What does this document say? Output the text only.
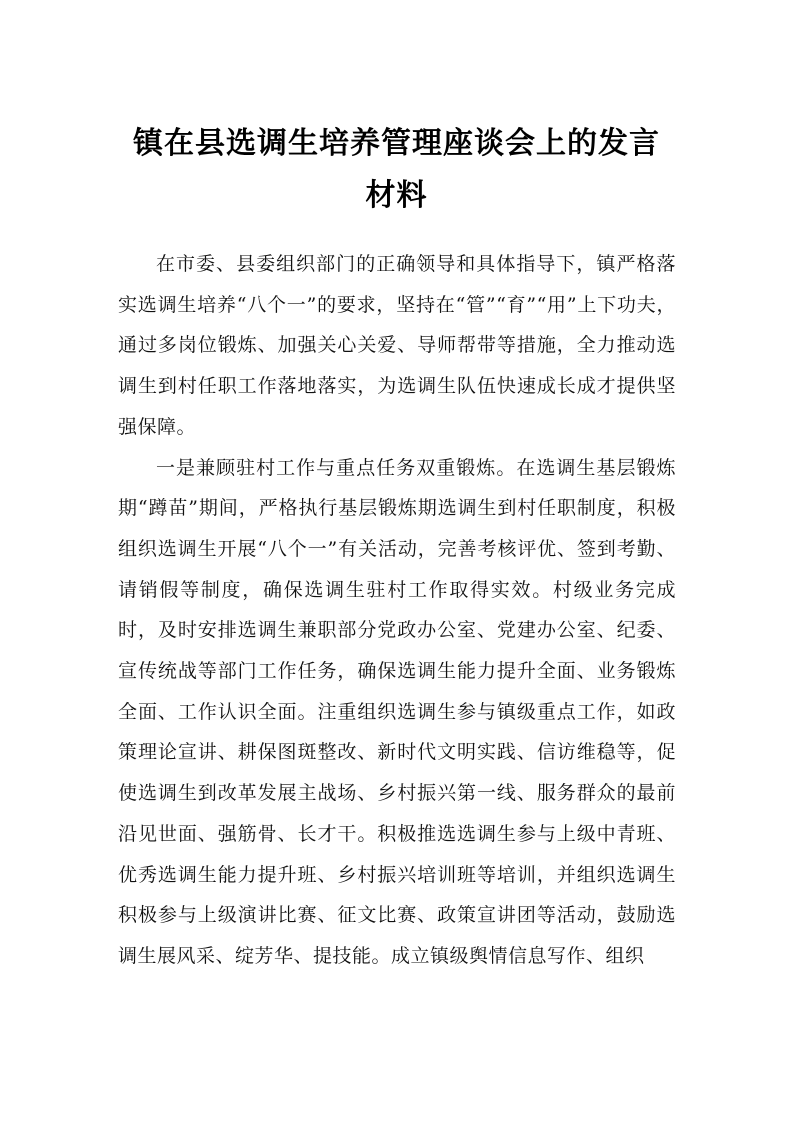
镇在县选调生培养管理座谈会上的发言材料

在市委、县委组织部门的正确领导和具体指导下，镇严格落实选调生培养“八个一”的要求，坚持在“管”“育”“用”上下功夫，通过多岗位锻炼、加强关心关爱、导师帮带等措施，全力推动选调生到村任职工作落地落实，为选调生队伍快速成长成才提供坚强保障。

一是兼顾驻村工作与重点任务双重锻炼。在选调生基层锻炼期“蹲苗”期间，严格执行基层锻炼期选调生到村任职制度，积极组织选调生开展“八个一”有关活动，完善考核评优、签到考勤、请销假等制度，确保选调生驻村工作取得实效。村级业务完成时，及时安排选调生兼职部分党政办公室、党建办公室、纪委、宣传统战等部门工作任务，确保选调生能力提升全面、业务锻炼全面、工作认识全面。注重组织选调生参与镇级重点工作，如政策理论宣讲、耕保图斑整改、新时代文明实践、信访维稳等，促使选调生到改革发展主战场、乡村振兴第一线、服务群众的最前沿见世面、强筋骨、长才干。积极推选选调生参与上级中青班、优秀选调生能力提升班、乡村振兴培训班等培训，并组织选调生积极参与上级演讲比赛、征文比赛、政策宣讲团等活动，鼓励选调生展风采、绽芳华、提技能。成立镇级舆情信息写作、组织
